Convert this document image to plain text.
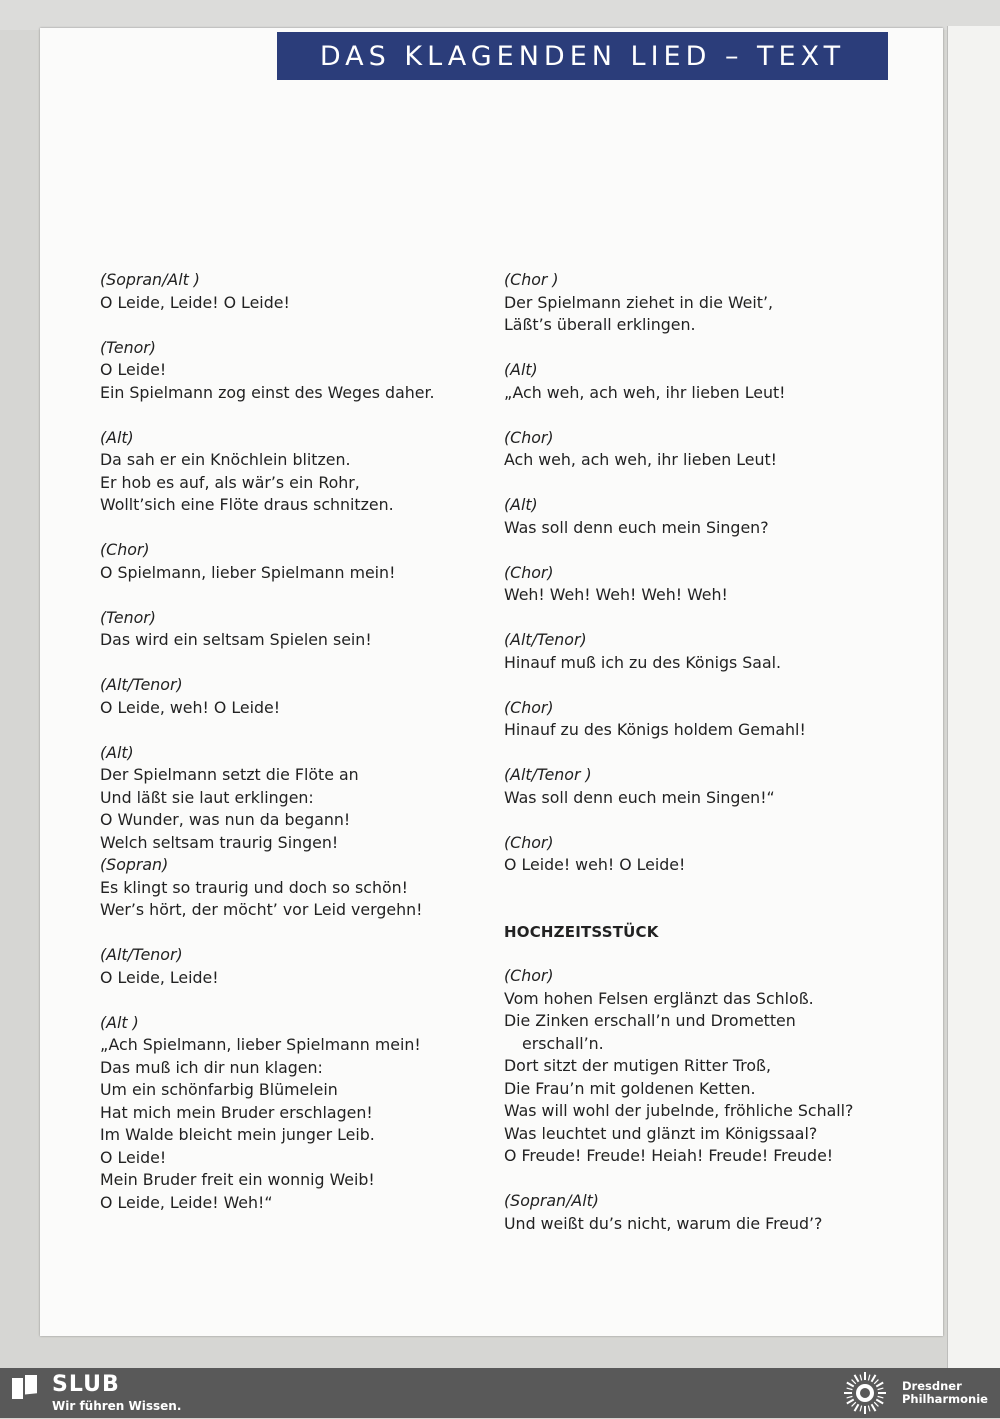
DAS KLAGENDEN LIED – TEXT
(Sopran/Alt )
O Leide, Leide! O Leide!
(Tenor)
O Leide!
Ein Spielmann zog einst des Weges daher.
(Alt)
Da sah er ein Knöchlein blitzen.
Er hob es auf, als wär’s ein Rohr,
Wollt’sich eine Flöte draus schnitzen.
(Chor)
O Spielmann, lieber Spielmann mein!
(Tenor)
Das wird ein seltsam Spielen sein!
(Alt/Tenor)
O Leide, weh! O Leide!
(Alt)
Der Spielmann setzt die Flöte an
Und läßt sie laut erklingen:
O Wunder, was nun da begann!
Welch seltsam traurig Singen!
(Sopran)
Es klingt so traurig und doch so schön!
Wer’s hört, der möcht’ vor Leid vergehn!
(Alt/Tenor)
O Leide, Leide!
(Alt )
„Ach Spielmann, lieber Spielmann mein!
Das muß ich dir nun klagen:
Um ein schönfarbig Blümelein
Hat mich mein Bruder erschlagen!
Im Walde bleicht mein junger Leib.
O Leide!
Mein Bruder freit ein wonnig Weib!
O Leide, Leide! Weh!“
(Chor )
Der Spielmann ziehet in die Weit’,
Läßt’s überall erklingen.
(Alt)
„Ach weh, ach weh, ihr lieben Leut!
(Chor)
Ach weh, ach weh, ihr lieben Leut!
(Alt)
Was soll denn euch mein Singen?
(Chor)
Weh! Weh! Weh! Weh! Weh!
(Alt/Tenor)
Hinauf muß ich zu des Königs Saal.
(Chor)
Hinauf zu des Königs holdem Gemahl!
(Alt/Tenor )
Was soll denn euch mein Singen!“
(Chor)
O Leide! weh! O Leide!
HOCHZEITSSTÜCK
(Chor)
Vom hohen Felsen erglänzt das Schloß.
Die Zinken erschall’n und Drometten
erschall’n.
Dort sitzt der mutigen Ritter Troß,
Die Frau’n mit goldenen Ketten.
Was will wohl der jubelnde, fröhliche Schall?
Was leuchtet und glänzt im Königssaal?
O Freude! Freude! Heiah! Freude! Freude!
(Sopran/Alt)
Und weißt du’s nicht, warum die Freud’?
SLUB
Wir führen Wissen.
Dresdner
Philharmonie
